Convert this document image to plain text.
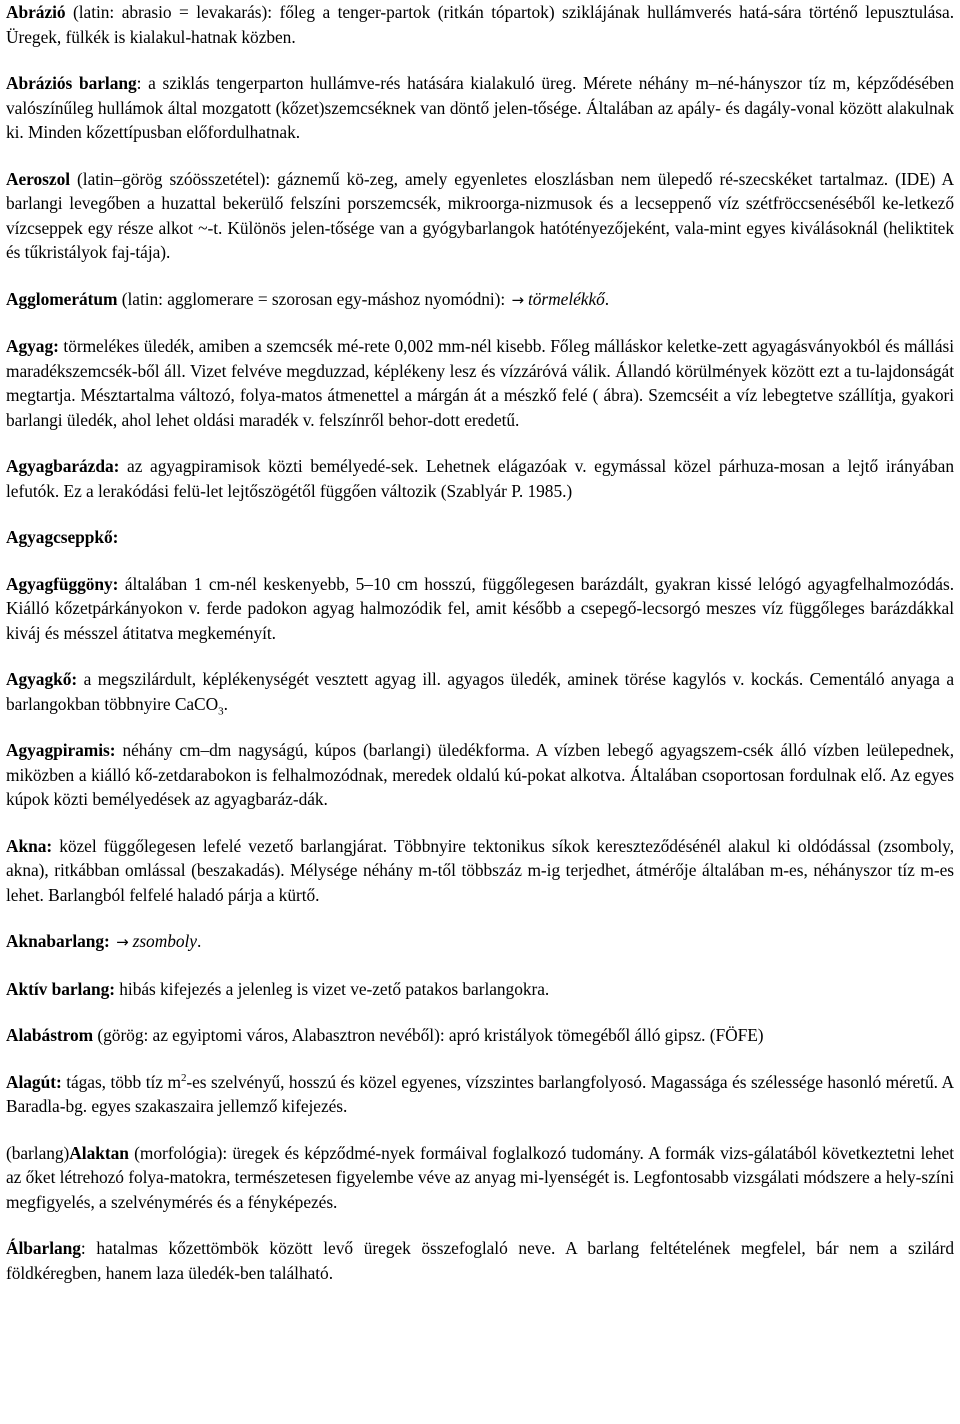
Abrázió (latin: abrasio = levakarás): főleg a tenger-partok (ritkán tópartok) sziklájának hullámverés hatá-sára történő lepusztulása. Üregek, fülkék is kialakul-hatnak közben.

Abráziós barlang: a sziklás tengerparton hullámve-rés hatására kialakuló üreg. Mérete néhány m–né-hányszor tíz m, képződésében valószínűleg hullámok által mozgatott (kőzet)szemcséknek van döntő jelen-tősége. Általában az apály- és dagály-vonal között alakulnak ki. Minden kőzettípusban előfordulhatnak.

Aeroszol (latin–görög szóösszetétel): gáznemű kö-zeg, amely egyenletes eloszlásban nem ülepedő ré-szecskéket tartalmaz. (IDE) A barlangi levegőben a huzattal bekerülő felszíni porszemcsék, mikroorga-nizmusok és a lecseppenő víz szétfröccsenéséből ke-letkező vízcseppek egy része alkot ~-t. Különös jelen-tősége van a gyógybarlangok hatótényezőjeként, vala-mint egyes kiválásoknál (heliktitek és tűkristályok faj-tája).

Agglomerátum (latin: agglomerare = szorosan egy-máshoz nyomódni): → törmelékkő.

Agyag: törmelékes üledék, amiben a szemcsék mé-rete 0,002 mm-nél kisebb. Főleg málláskor keletke-zett agyagásványokból és mállási maradékszemcsék-ből áll. Vizet felvéve megduzzad, képlékeny lesz és vízzáróvá válik. Állandó körülmények között ezt a tu-lajdonságát megtartja. Mésztartalma változó, folya-matos átmenettel a márgán át a mészkő felé ( ábra). Szemcséit a víz lebegtetve szállítja, gyakori barlangi üledék, ahol lehet oldási maradék v. felszínről behor-dott eredetű.

Agyagbarázda: az agyagpiramisok közti bemélyedé-sek. Lehetnek elágazóak v. egymással közel párhuza-mosan a lejtő irányában lefutók. Ez a lerakódási felü-let lejtőszögétől függően változik (Szablyár P. 1985.)

Agyagcseppkő:

Agyagfüggöny: általában 1 cm-nél keskenyebb, 5–10 cm hosszú, függőlegesen barázdált, gyakran kissé lelógó agyagfelhalmozódás. Kiálló kőzetpárkányokon v. ferde padokon agyag halmozódik fel, amit később a csepegő-lecsorgó meszes víz függőleges barázdákkal kiváj és mésszel átitatva megkeményít.

Agyagkő: a megszilárdult, képlékenységét vesztett agyag ill. agyagos üledék, aminek törése kagylós v. kockás. Cementáló anyaga a barlangokban többnyire CaCO$_3$.

Agyagpiramis: néhány cm–dm nagyságú, kúpos (barlangi) üledékforma. A vízben lebegő agyagszem-csék álló vízben leülepednek, miközben a kiálló kő-zetdarabokon is felhalmozódnak, meredek oldalú kú-pokat alkotva. Általában csoportosan fordulnak elő. Az egyes kúpok közti bemélyedések az agyagbaráz-dák.

Akna: közel függőlegesen lefelé vezető barlangjárat. Többnyire tektonikus síkok kereszteződésénél alakul ki oldódással (zsomboly, akna), ritkábban omlással (beszakadás). Mélysége néhány m-től többszáz m-ig terjedhet, átmérője általában m-es, néhányszor tíz m-es lehet. Barlangból felfelé haladó párja a kürtő.

Aknabarlang: → zsomboly.

Aktív barlang: hibás kifejezés a jelenleg is vizet ve-zető patakos barlangokra.

Alabástrom (görög: az egyiptomi város, Alabasztron nevéből): apró kristályok tömegéből álló gipsz. (FÖFE)

Alagút: tágas, több tíz $m^2-es$ szelvényű, hosszú és közel egyenes, vízszintes barlangfolyosó. Magassága és szélessége hasonló méretű. A Baradla-bg. egyes szakaszaira jellemző kifejezés.

(barlang)Alaktan (morfológia): üregek és képződmé-nyek formáival foglalkozó tudomány. A formák vizs-gálatából következtetni lehet az őket létrehozó folya-matokra, természetesen figyelembe véve az anyag mi-lyenségét is. Legfontosabb vizsgálati módszere a hely-színi megfigyelés, a szelvénymérés és a fényképezés.

Álbarlang: hatalmas kőzettömbök között levő üregek összefoglaló neve. A barlang feltételének megfelel, bár nem a szilárd földkéregben, hanem laza üledék-ben található.
